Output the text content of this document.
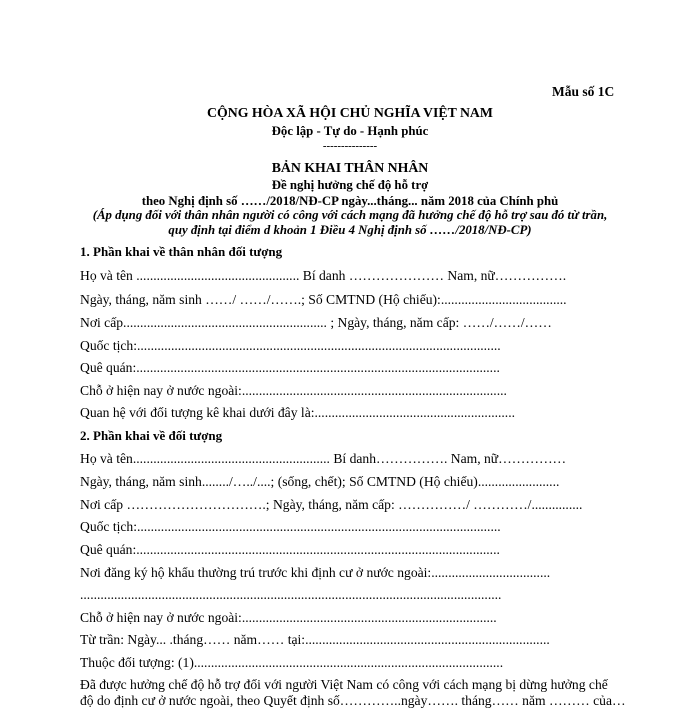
Mẫu số 1C
CỘNG HÒA XÃ HỘI CHỦ NGHĨA VIỆT NAM
Độc lập - Tự do - Hạnh phúc
---------------
BẢN KHAI THÂN NHÂN
Đề nghị hưởng chế độ hỗ trợ
theo Nghị định số ……/2018/NĐ-CP ngày...tháng... năm 2018 của Chính phủ
(Áp dụng đối với thân nhân người có công với cách mạng đã hưởng chế độ hỗ trợ sau đó từ trần,
quy định tại điểm d khoản 1 Điều 4 Nghị định số ……/2018/NĐ-CP)
1. Phần khai về thân nhân đối tượng
Họ và tên ................................................ Bí danh ………………… Nam, nữ…………….
Ngày, tháng, năm sinh ……/ ……/…….; Số CMTND (Hộ chiếu):.....................................
Nơi cấp............................................................ ; Ngày, tháng, năm cấp: ……/……/……
Quốc tịch:...........................................................................................................
Quê quán:...........................................................................................................
Chỗ ở hiện nay ở nước ngoài:..............................................................................
Quan hệ với đối tượng kê khai dưới đây là:...........................................................
2. Phần khai về đối tượng
Họ và tên.......................................................... Bí danh……………. Nam, nữ……………
Ngày, tháng, năm sinh......../…../....; (sống, chết); Số CMTND (Hộ chiếu)........................
Nơi cấp ………………………….; Ngày, tháng, năm cấp: ……………/ …………/...............
Quốc tịch:...........................................................................................................
Quê quán:...........................................................................................................
Nơi đăng ký hộ khẩu thường trú trước khi định cư ở nước ngoài:...................................
............................................................................................................................
Chỗ ở hiện nay ở nước ngoài:...........................................................................
Từ trần: Ngày... .tháng…… năm…… tại:........................................................................
Thuộc đối tượng: (1)...........................................................................................
Đã được hưởng chế độ hỗ trợ đối với người Việt Nam có công với cách mạng bị dừng hưởng chế
độ do định cư ở nước ngoài, theo Quyết định số…………..ngày……. tháng…… năm ……… của…
